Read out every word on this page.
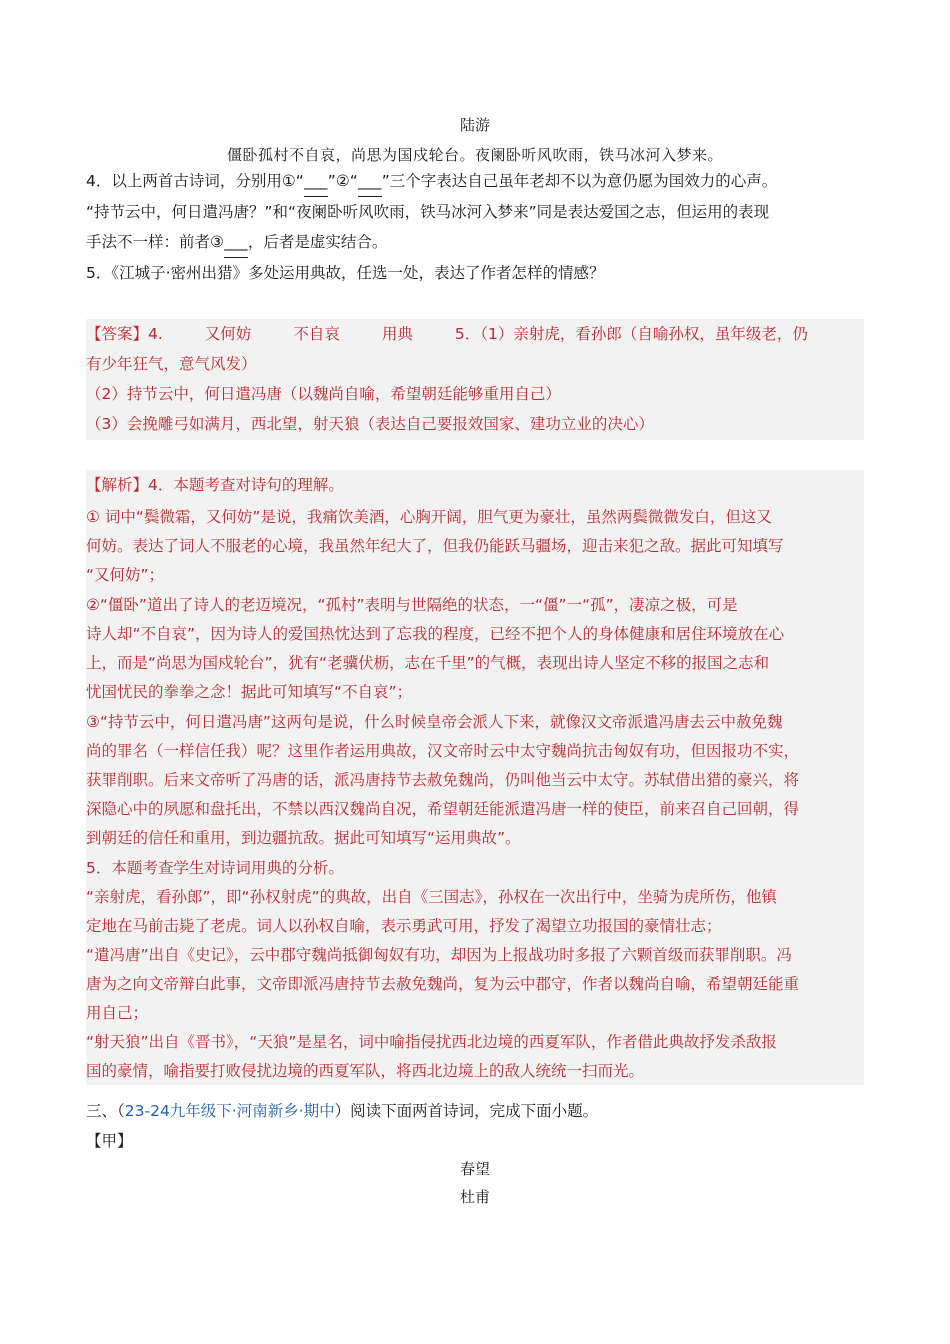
陆游
僵卧孤村不自哀，尚思为国戍轮台。夜阑卧听风吹雨，铁马冰河入梦来。
4．以上两首古诗词，分别用①“___”②“___”三个字表达自己虽年老却不以为意仍愿为国效力的心声。
“持节云中，何日遣冯唐？”和“夜阑卧听风吹雨，铁马冰河入梦来”同是表达爱国之志，但运用的表现
手法不一样：前者③___，后者是虚实结合。
5．《江城子·密州出猎》多处运用典故，任选一处，表达了作者怎样的情感？
【答案】4.	又何妨	不自哀	用典	5．（1）亲射虎，看孙郎（自喻孙权，虽年级老，仍
有少年狂气，意气风发）
（2）持节云中，何日遣冯唐（以魏尚自喻，希望朝廷能够重用自己）
（3）会挽雕弓如满月，西北望，射天狼（表达自己要报效国家、建功立业的决心）
【解析】4．本题考查对诗句的理解。
① 词中“鬓微霜，又何妨”是说，我痛饮美酒，心胸开阔，胆气更为豪壮，虽然两鬓微微发白，但这又
何妨。表达了词人不服老的心境，我虽然年纪大了，但我仍能跃马疆场，迎击来犯之敌。据此可知填写
“又何妨”；
②“僵卧”道出了诗人的老迈境况，“孤村”表明与世隔绝的状态，一“僵”一“孤”，凄凉之极，可是
诗人却“不自哀”，因为诗人的爱国热忱达到了忘我的程度，已经不把个人的身体健康和居住环境放在心
上，而是“尚思为国戍轮台”，犹有“老骥伏枥，志在千里”的气概，表现出诗人坚定不移的报国之志和
忧国忧民的拳拳之念！据此可知填写“不自哀”；
③“持节云中，何日遣冯唐”这两句是说，什么时候皇帝会派人下来，就像汉文帝派遣冯唐去云中赦免魏
尚的罪名（一样信任我）呢？这里作者运用典故，汉文帝时云中太守魏尚抗击匈奴有功，但因报功不实，
获罪削职。后来文帝听了冯唐的话，派冯唐持节去赦免魏尚，仍叫他当云中太守。苏轼借出猎的豪兴，将
深隐心中的夙愿和盘托出，不禁以西汉魏尚自况，希望朝廷能派遣冯唐一样的使臣，前来召自己回朝，得
到朝廷的信任和重用，到边疆抗敌。据此可知填写“运用典故”。
5．本题考查学生对诗词用典的分析。
“亲射虎，看孙郎”，即“孙权射虎”的典故，出自《三国志》，孙权在一次出行中，坐骑为虎所伤，他镇
定地在马前击毙了老虎。词人以孙权自喻，表示勇武可用，抒发了渴望立功报国的豪情壮志；
“遣冯唐”出自《史记》，云中郡守魏尚抵御匈奴有功，却因为上报战功时多报了六颗首级而获罪削职。冯
唐为之向文帝辩白此事，文帝即派冯唐持节去赦免魏尚，复为云中郡守，作者以魏尚自喻，希望朝廷能重
用自己；
“射天狼”出自《晋书》，“天狼”是星名，词中喻指侵扰西北边境的西夏军队，作者借此典故抒发杀敌报
国的豪情，喻指要打败侵扰边境的西夏军队，将西北边境上的敌人统统一扫而光。
三、（23-24九年级下·河南新乡·期中）阅读下面两首诗词，完成下面小题。
【甲】
春望
杜甫
